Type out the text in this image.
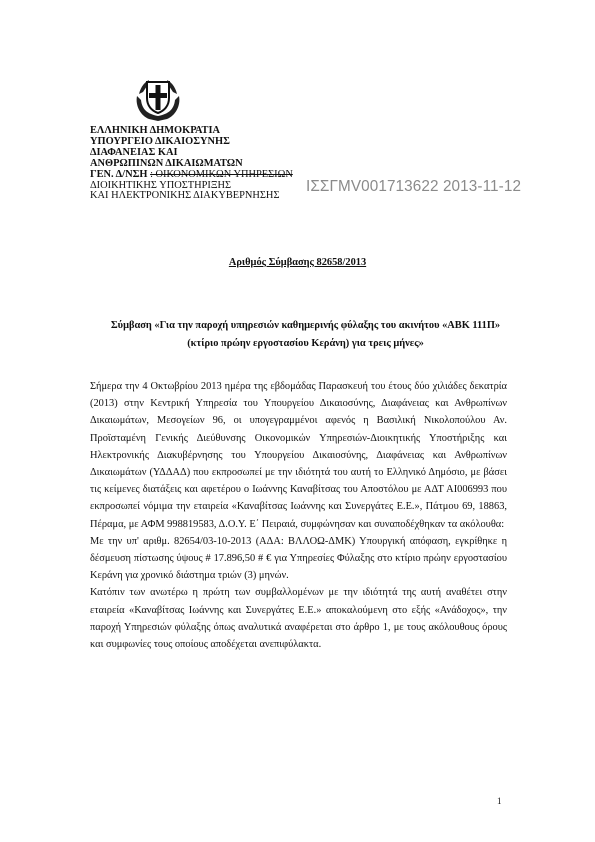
ΕΛΛΗΝΙΚΗ ΔΗΜΟΚΡΑΤΙΑ
ΥΠΟΥΡΓΕΙΟ ΔΙΚΑΙΟΣΥΝΗΣ
ΔΙΑΦΑΝΕΙΑΣ ΚΑΙ
ΑΝΘΡΩΠΙΝΩΝ ΔΙΚΑΙΩΜΑΤΩΝ
ΓΕΝ. Δ/ΝΣΗ : ΟΙΚΟΝΟΜΙΚΩΝ ΥΠΗΡΕΣΙΩΝ
ΔΙΟΙΚΗΤΙΚΗΣ ΥΠΟΣΤΗΡΙΞΗΣ
ΚΑΙ ΗΛΕΚΤΡΟΝΙΚΗΣ ΔΙΑΚΥΒΕΡΝΗΣΗΣ
ΙΣΣΓΜV001713622 2013-11-12
Αριθμός Σύμβασης 82658/2013
Σύμβαση «Για την παροχή υπηρεσιών καθημερινής φύλαξης του ακινήτου «ΑΒΚ 111Π» (κτίριο πρώην εργοστασίου Κεράνη) για τρεις μήνες»

Σήμερα την 4 Οκτωβρίου 2013 ημέρα της εβδομάδας Παρασκευή του έτους δύο χιλιάδες δεκατρία (2013) στην Κεντρική Υπηρεσία του Υπουργείου Δικαιοσύνης, Διαφάνειας και Ανθρωπίνων Δικαιωμάτων, Μεσογείων 96, οι υπογεγραμμένοι αφενός η Βασιλική Νικολοπούλου Αν. Προϊσταμένη Γενικής Διεύθυνσης Οικονομικών Υπηρεσιών-Διοικητικής Υποστήριξης και Ηλεκτρονικής Διακυβέρνησης του Υπουργείου Δικαιοσύνης, Διαφάνειας και Ανθρωπίνων Δικαιωμάτων (ΥΔΔΑΔ) που εκπροσωπεί με την ιδιότητά του αυτή το Ελληνικό Δημόσιο, με βάσει τις κείμενες διατάξεις και αφετέρου ο Ιωάννης Καναβίτσας του Αποστόλου με ΑΔΤ ΑΙ006993 που εκπροσωπεί νόμιμα την εταιρεία «Καναβίτσας Ιωάννης και Συνεργάτες Ε.Ε.», Πάτμου 69, 18863, Πέραμα, με ΑΦΜ 998819583, Δ.Ο.Υ. Ε΄ Πειραιά, συμφώνησαν και συναποδέχθηκαν τα ακόλουθα:

Με την υπ' αριθμ. 82654/03-10-2013 (ΑΔΑ: ΒΛΛΟΩ-ΔΜΚ) Υπουργική απόφαση, εγκρίθηκε η δέσμευση πίστωσης ύψους # 17.896,50 # € για Υπηρεσίες Φύλαξης στο κτίριο πρώην εργοστασίου Κεράνη για χρονικό διάστημα τριών (3) μηνών.

Κατόπιν των ανωτέρω η πρώτη των συμβαλλομένων με την ιδιότητά της αυτή αναθέτει στην εταιρεία «Καναβίτσας Ιωάννης και Συνεργάτες Ε.Ε.» αποκαλούμενη στο εξής «Ανάδοχος», την παροχή Υπηρεσιών φύλαξης όπως αναλυτικά αναφέρεται στο άρθρο 1, με τους ακόλουθους όρους και συμφωνίες τους οποίους αποδέχεται ανεπιφύλακτα.

1
